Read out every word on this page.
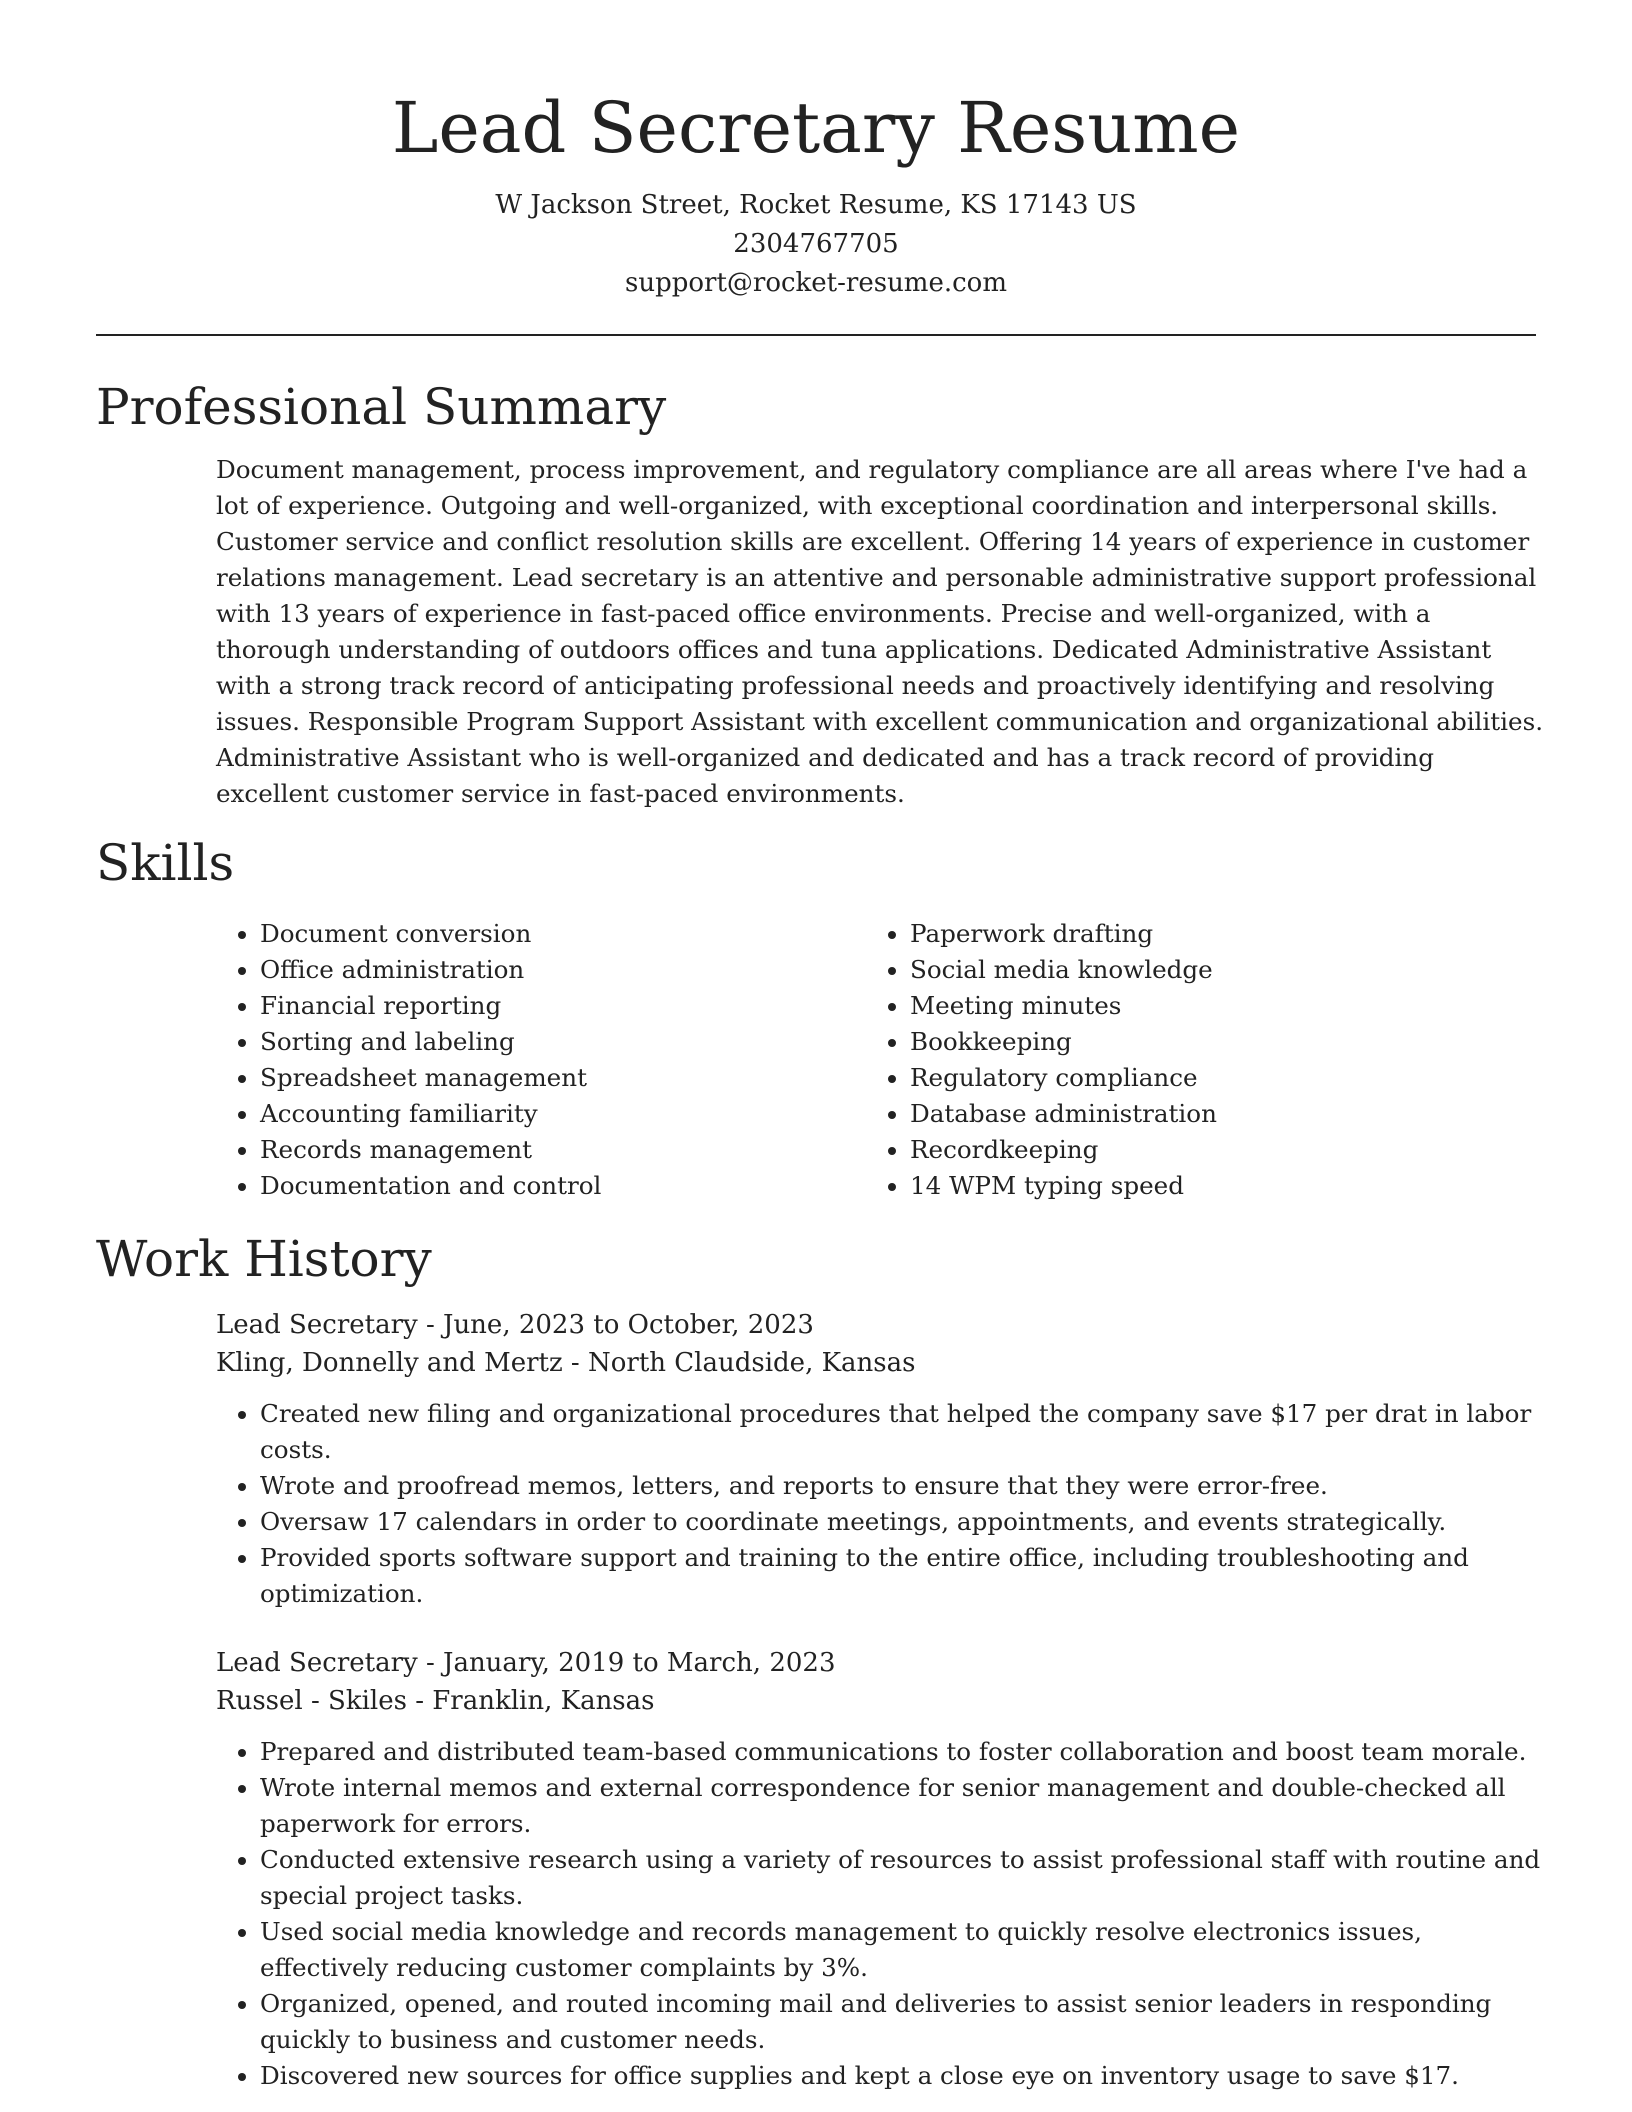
Lead Secretary Resume
W Jackson Street, Rocket Resume, KS 17143 US
2304767705
support@rocket-resume.com
Professional Summary

Document management, process improvement, and regulatory compliance are all areas where I've had a lot of experience. Outgoing and well-organized, with exceptional coordination and interpersonal skills. Customer service and conflict resolution skills are excellent. Offering 14 years of experience in customer relations management. Lead secretary is an attentive and personable administrative support professional with 13 years of experience in fast-paced office environments. Precise and well-organized, with a thorough understanding of outdoors offices and tuna applications. Dedicated Administrative Assistant with a strong track record of anticipating professional needs and proactively identifying and resolving issues. Responsible Program Support Assistant with excellent communication and organizational abilities. Administrative Assistant who is well-organized and dedicated and has a track record of providing excellent customer service in fast-paced environments.

Skills
• Document conversion
• Office administration
• Financial reporting
• Sorting and labeling
• Spreadsheet management
• Accounting familiarity
• Records management
• Documentation and control
• Paperwork drafting
• Social media knowledge
• Meeting minutes
• Bookkeeping
• Regulatory compliance
• Database administration
• Recordkeeping
• 14 WPM typing speed
Work History
Lead Secretary - June, 2023 to October, 2023
Kling, Donnelly and Mertz - North Claudside, Kansas
• Created new filing and organizational procedures that helped the company save $17 per drat in labor costs.
• Wrote and proofread memos, letters, and reports to ensure that they were error-free.
• Oversaw 17 calendars in order to coordinate meetings, appointments, and events strategically.
• Provided sports software support and training to the entire office, including troubleshooting and optimization.
Lead Secretary - January, 2019 to March, 2023
Russel - Skiles - Franklin, Kansas
• Prepared and distributed team-based communications to foster collaboration and boost team morale.
• Wrote internal memos and external correspondence for senior management and double-checked all paperwork for errors.
• Conducted extensive research using a variety of resources to assist professional staff with routine and special project tasks.
• Used social media knowledge and records management to quickly resolve electronics issues, effectively reducing customer complaints by 3%.
• Organized, opened, and routed incoming mail and deliveries to assist senior leaders in responding quickly to business and customer needs.
• Discovered new sources for office supplies and kept a close eye on inventory usage to save $17.
